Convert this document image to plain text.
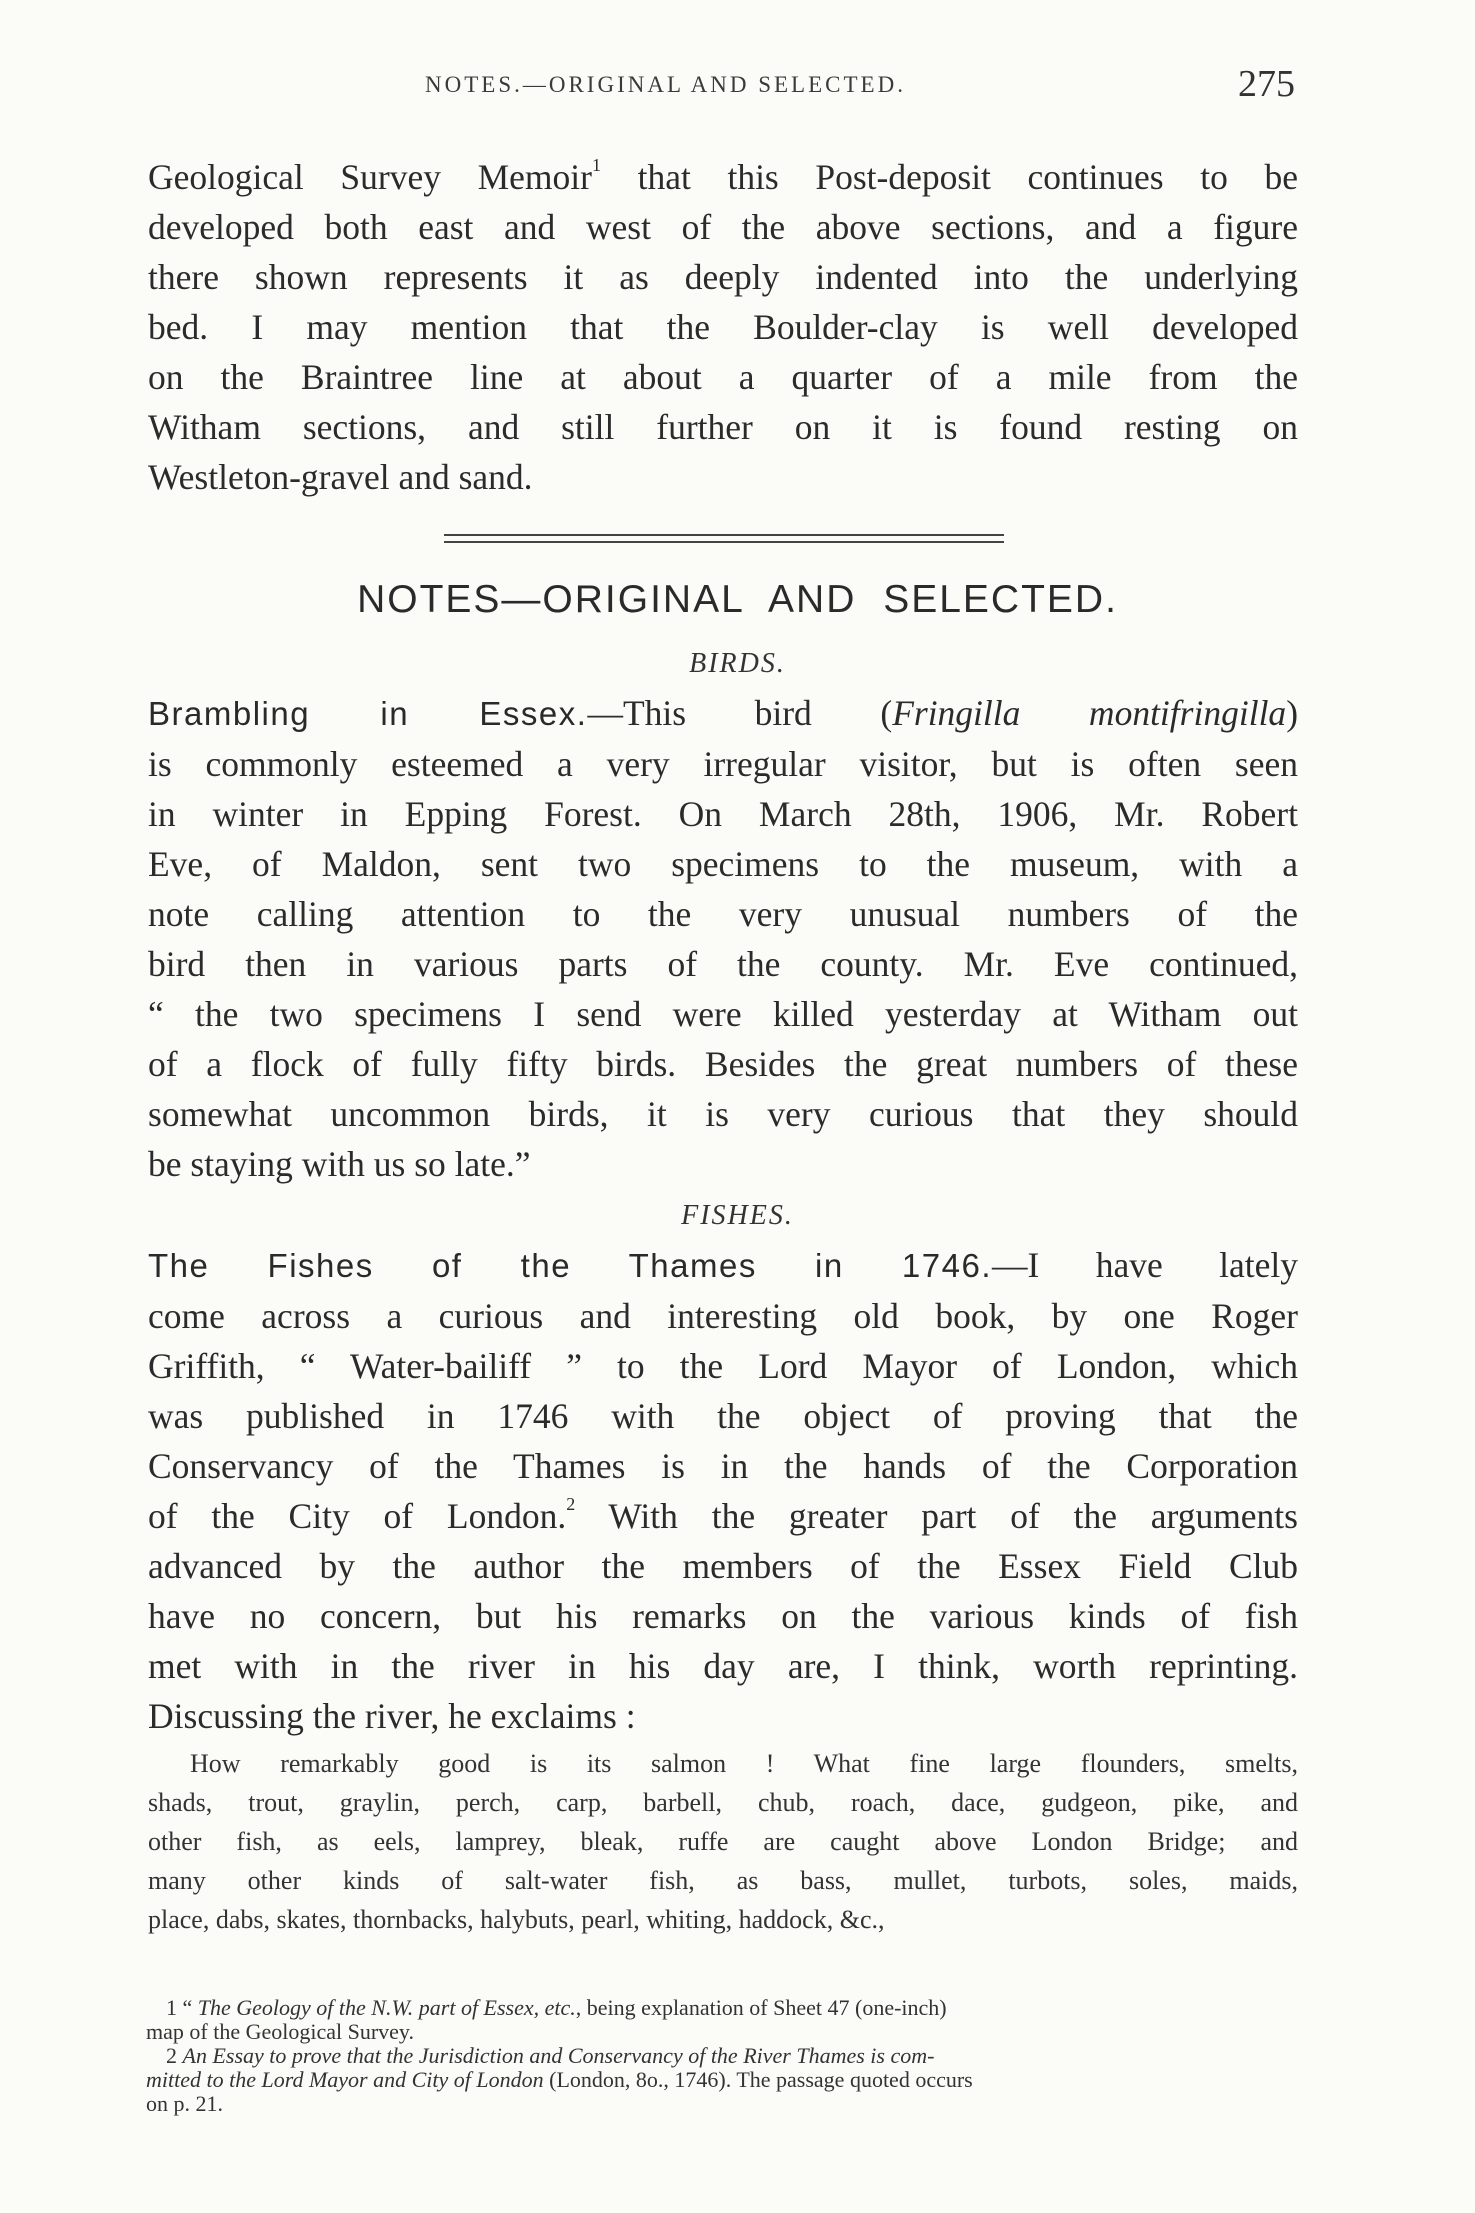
NOTES.—ORIGINAL AND SELECTED.	275

Geological Survey Memoir$^1$ that this Post-deposit continues to be
developed both east and west of the above sections, and a figure
there shown represents it as deeply indented into the underlying
bed. I may mention that the Boulder-clay is well developed
on the Braintree line at about a quarter of a mile from the
Witham sections, and still further on it is found resting on
Westleton-gravel and sand.

NOTES—ORIGINAL AND SELECTED.
BIRDS.

Brambling in Essex.—This bird (Fringilla montifringilla)
is commonly esteemed a very irregular visitor, but is often seen
in winter in Epping Forest. On March 28th, 1906, Mr. Robert
Eve, of Maldon, sent two specimens to the museum, with a
note calling attention to the very unusual numbers of the
bird then in various parts of the county. Mr. Eve continued,
“ the two specimens I send were killed yesterday at Witham out
of a flock of fully fifty birds. Besides the great numbers of these
somewhat uncommon birds, it is very curious that they should
be staying with us so late.”

FISHES.

The Fishes of the Thames in 1746.—I have lately
come across a curious and interesting old book, by one Roger
Griffith, “ Water-bailiff ” to the Lord Mayor of London, which
was published in 1746 with the object of proving that the
Conservancy of the Thames is in the hands of the Corporation
of the City of London.$^2$ With the greater part of the arguments
advanced by the author the members of the Essex Field Club
have no concern, but his remarks on the various kinds of fish
met with in the river in his day are, I think, worth reprinting.
Discussing the river, he exclaims :

How remarkably good is its salmon ! What fine large flounders, smelts,
shads, trout, graylin, perch, carp, barbell, chub, roach, dace, gudgeon, pike, and
other fish, as eels, lamprey, bleak, ruffe are caught above London Bridge; and
many other kinds of salt-water fish, as bass, mullet, turbots, soles, maids,
place, dabs, skates, thornbacks, halybuts, pearl, whiting, haddock, &c.,

1 “ The Geology of the N.W. part of Essex, etc., being explanation of Sheet 47 (one-inch)
map of the Geological Survey.
2 An Essay to prove that the Jurisdiction and Conservancy of the River Thames is com-
mitted to the Lord Mayor and City of London (London, 8o., 1746). The passage quoted occurs
on p. 21.
